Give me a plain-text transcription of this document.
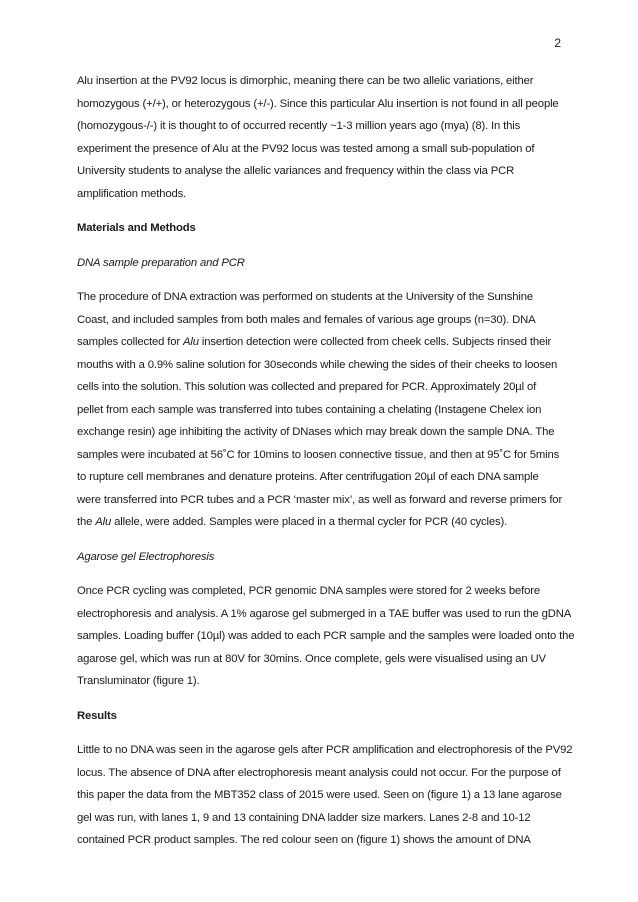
2

Alu insertion at the PV92 locus is dimorphic, meaning there can be two allelic variations, either
homozygous (+/+), or heterozygous (+/-). Since this particular Alu insertion is not found in all people
(homozygous-/-) it is thought to of occurred recently ~1-3 million years ago (mya) (8). In this
experiment the presence of Alu at the PV92 locus was tested among a small sub-population of
University students to analyse the allelic variances and frequency within the class via PCR
amplification methods.

Materials and Methods

DNA sample preparation and PCR

The procedure of DNA extraction was performed on students at the University of the Sunshine
Coast, and included samples from both males and females of various age groups (n=30). DNA
samples collected for Alu insertion detection were collected from cheek cells. Subjects rinsed their
mouths with a 0.9% saline solution for 30seconds while chewing the sides of their cheeks to loosen
cells into the solution. This solution was collected and prepared for PCR. Approximately 20µl of
pellet from each sample was transferred into tubes containing a chelating (Instagene Chelex ion
exchange resin) age inhibiting the activity of DNases which may break down the sample DNA. The
samples were incubated at 56˚C for 10mins to loosen connective tissue, and then at 95˚C for 5mins
to rupture cell membranes and denature proteins. After centrifugation 20µl of each DNA sample
were transferred into PCR tubes and a PCR ‘master mix’, as well as forward and reverse primers for
the Alu allele, were added. Samples were placed in a thermal cycler for PCR (40 cycles).

Agarose gel Electrophoresis

Once PCR cycling was completed, PCR genomic DNA samples were stored for 2 weeks before
electrophoresis and analysis. A 1% agarose gel submerged in a TAE buffer was used to run the gDNA
samples. Loading buffer (10µl) was added to each PCR sample and the samples were loaded onto the
agarose gel, which was run at 80V for 30mins. Once complete, gels were visualised using an UV
Transluminator (figure 1).

Results

Little to no DNA was seen in the agarose gels after PCR amplification and electrophoresis of the PV92
locus. The absence of DNA after electrophoresis meant analysis could not occur. For the purpose of
this paper the data from the MBT352 class of 2015 were used. Seen on (figure 1) a 13 lane agarose
gel was run, with lanes 1, 9 and 13 containing DNA ladder size markers. Lanes 2-8 and 10-12
contained PCR product samples. The red colour seen on (figure 1) shows the amount of DNA
